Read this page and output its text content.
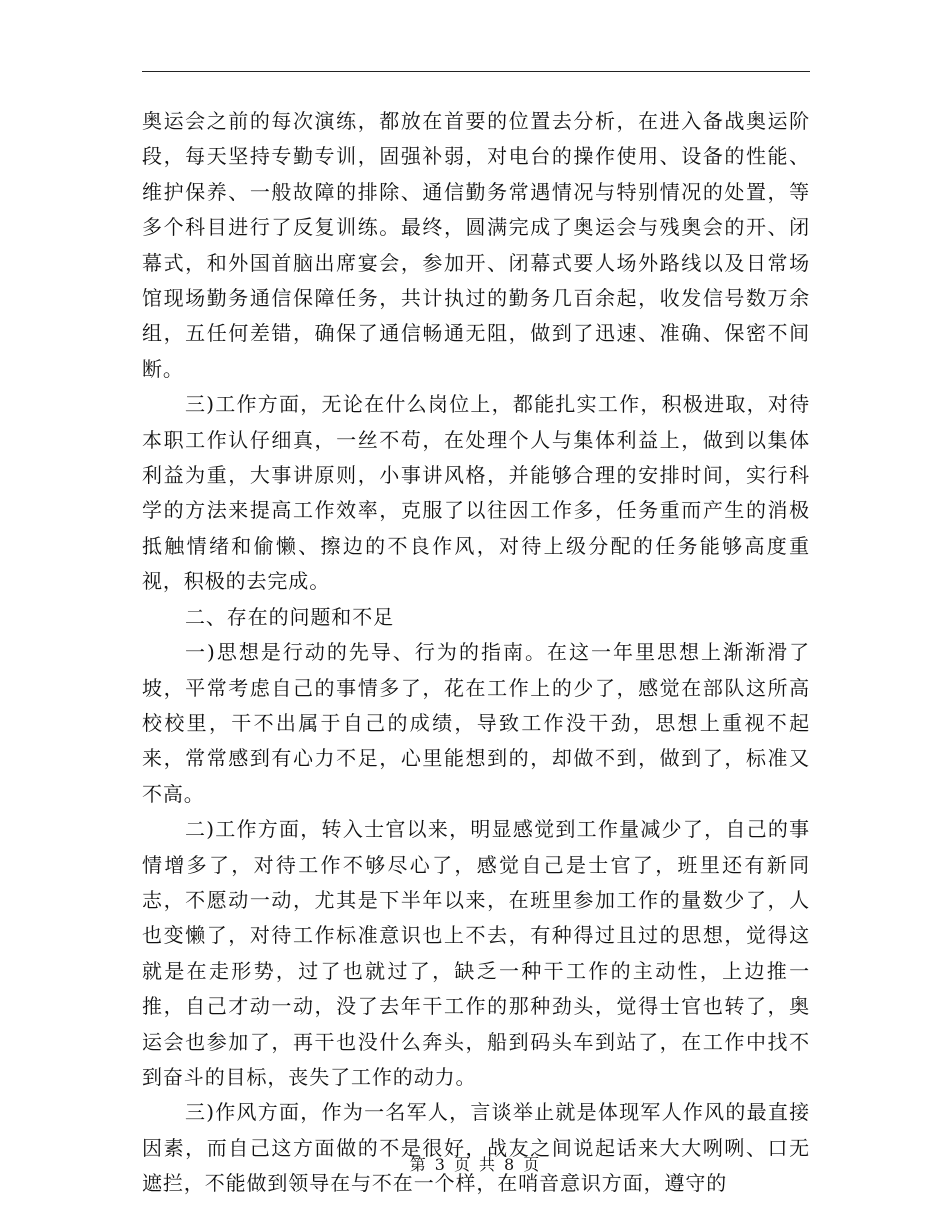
奥运会之前的每次演练，都放在首要的位置去分析，在进入备战奥运阶段，每天坚持专勤专训，固强补弱，对电台的操作使用、设备的性能、维护保养、一般故障的排除、通信勤务常遇情况与特别情况的处置，等多个科目进行了反复训练。最终，圆满完成了奥运会与残奥会的开、闭幕式，和外国首脑出席宴会，参加开、闭幕式要人场外路线以及日常场馆现场勤务通信保障任务，共计执过的勤务几百余起，收发信号数万余组，五任何差错，确保了通信畅通无阻，做到了迅速、准确、保密不间断。

三)工作方面，无论在什么岗位上，都能扎实工作，积极进取，对待本职工作认仔细真，一丝不苟，在处理个人与集体利益上，做到以集体利益为重，大事讲原则，小事讲风格，并能够合理的安排时间，实行科学的方法来提高工作效率，克服了以往因工作多，任务重而产生的消极抵触情绪和偷懒、擦边的不良作风，对待上级分配的任务能够高度重视，积极的去完成。

二、存在的问题和不足

一)思想是行动的先导、行为的指南。在这一年里思想上渐渐滑了坡，平常考虑自己的事情多了，花在工作上的少了，感觉在部队这所高校校里，干不出属于自己的成绩，导致工作没干劲，思想上重视不起来，常常感到有心力不足，心里能想到的，却做不到，做到了，标准又不高。

二)工作方面，转入士官以来，明显感觉到工作量减少了，自己的事情增多了，对待工作不够尽心了，感觉自己是士官了，班里还有新同志，不愿动一动，尤其是下半年以来，在班里参加工作的量数少了，人也变懒了，对待工作标准意识也上不去，有种得过且过的思想，觉得这就是在走形势，过了也就过了，缺乏一种干工作的主动性，上边推一推，自己才动一动，没了去年干工作的那种劲头，觉得士官也转了，奥运会也参加了，再干也没什么奔头，船到码头车到站了，在工作中找不到奋斗的目标，丧失了工作的动力。

三)作风方面，作为一名军人，言谈举止就是体现军人作风的最直接因素，而自己这方面做的不是很好，战友之间说起话来大大咧咧、口无遮拦，不能做到领导在与不在一个样，在哨音意识方面，遵守的

第 3 页 共 8 页
